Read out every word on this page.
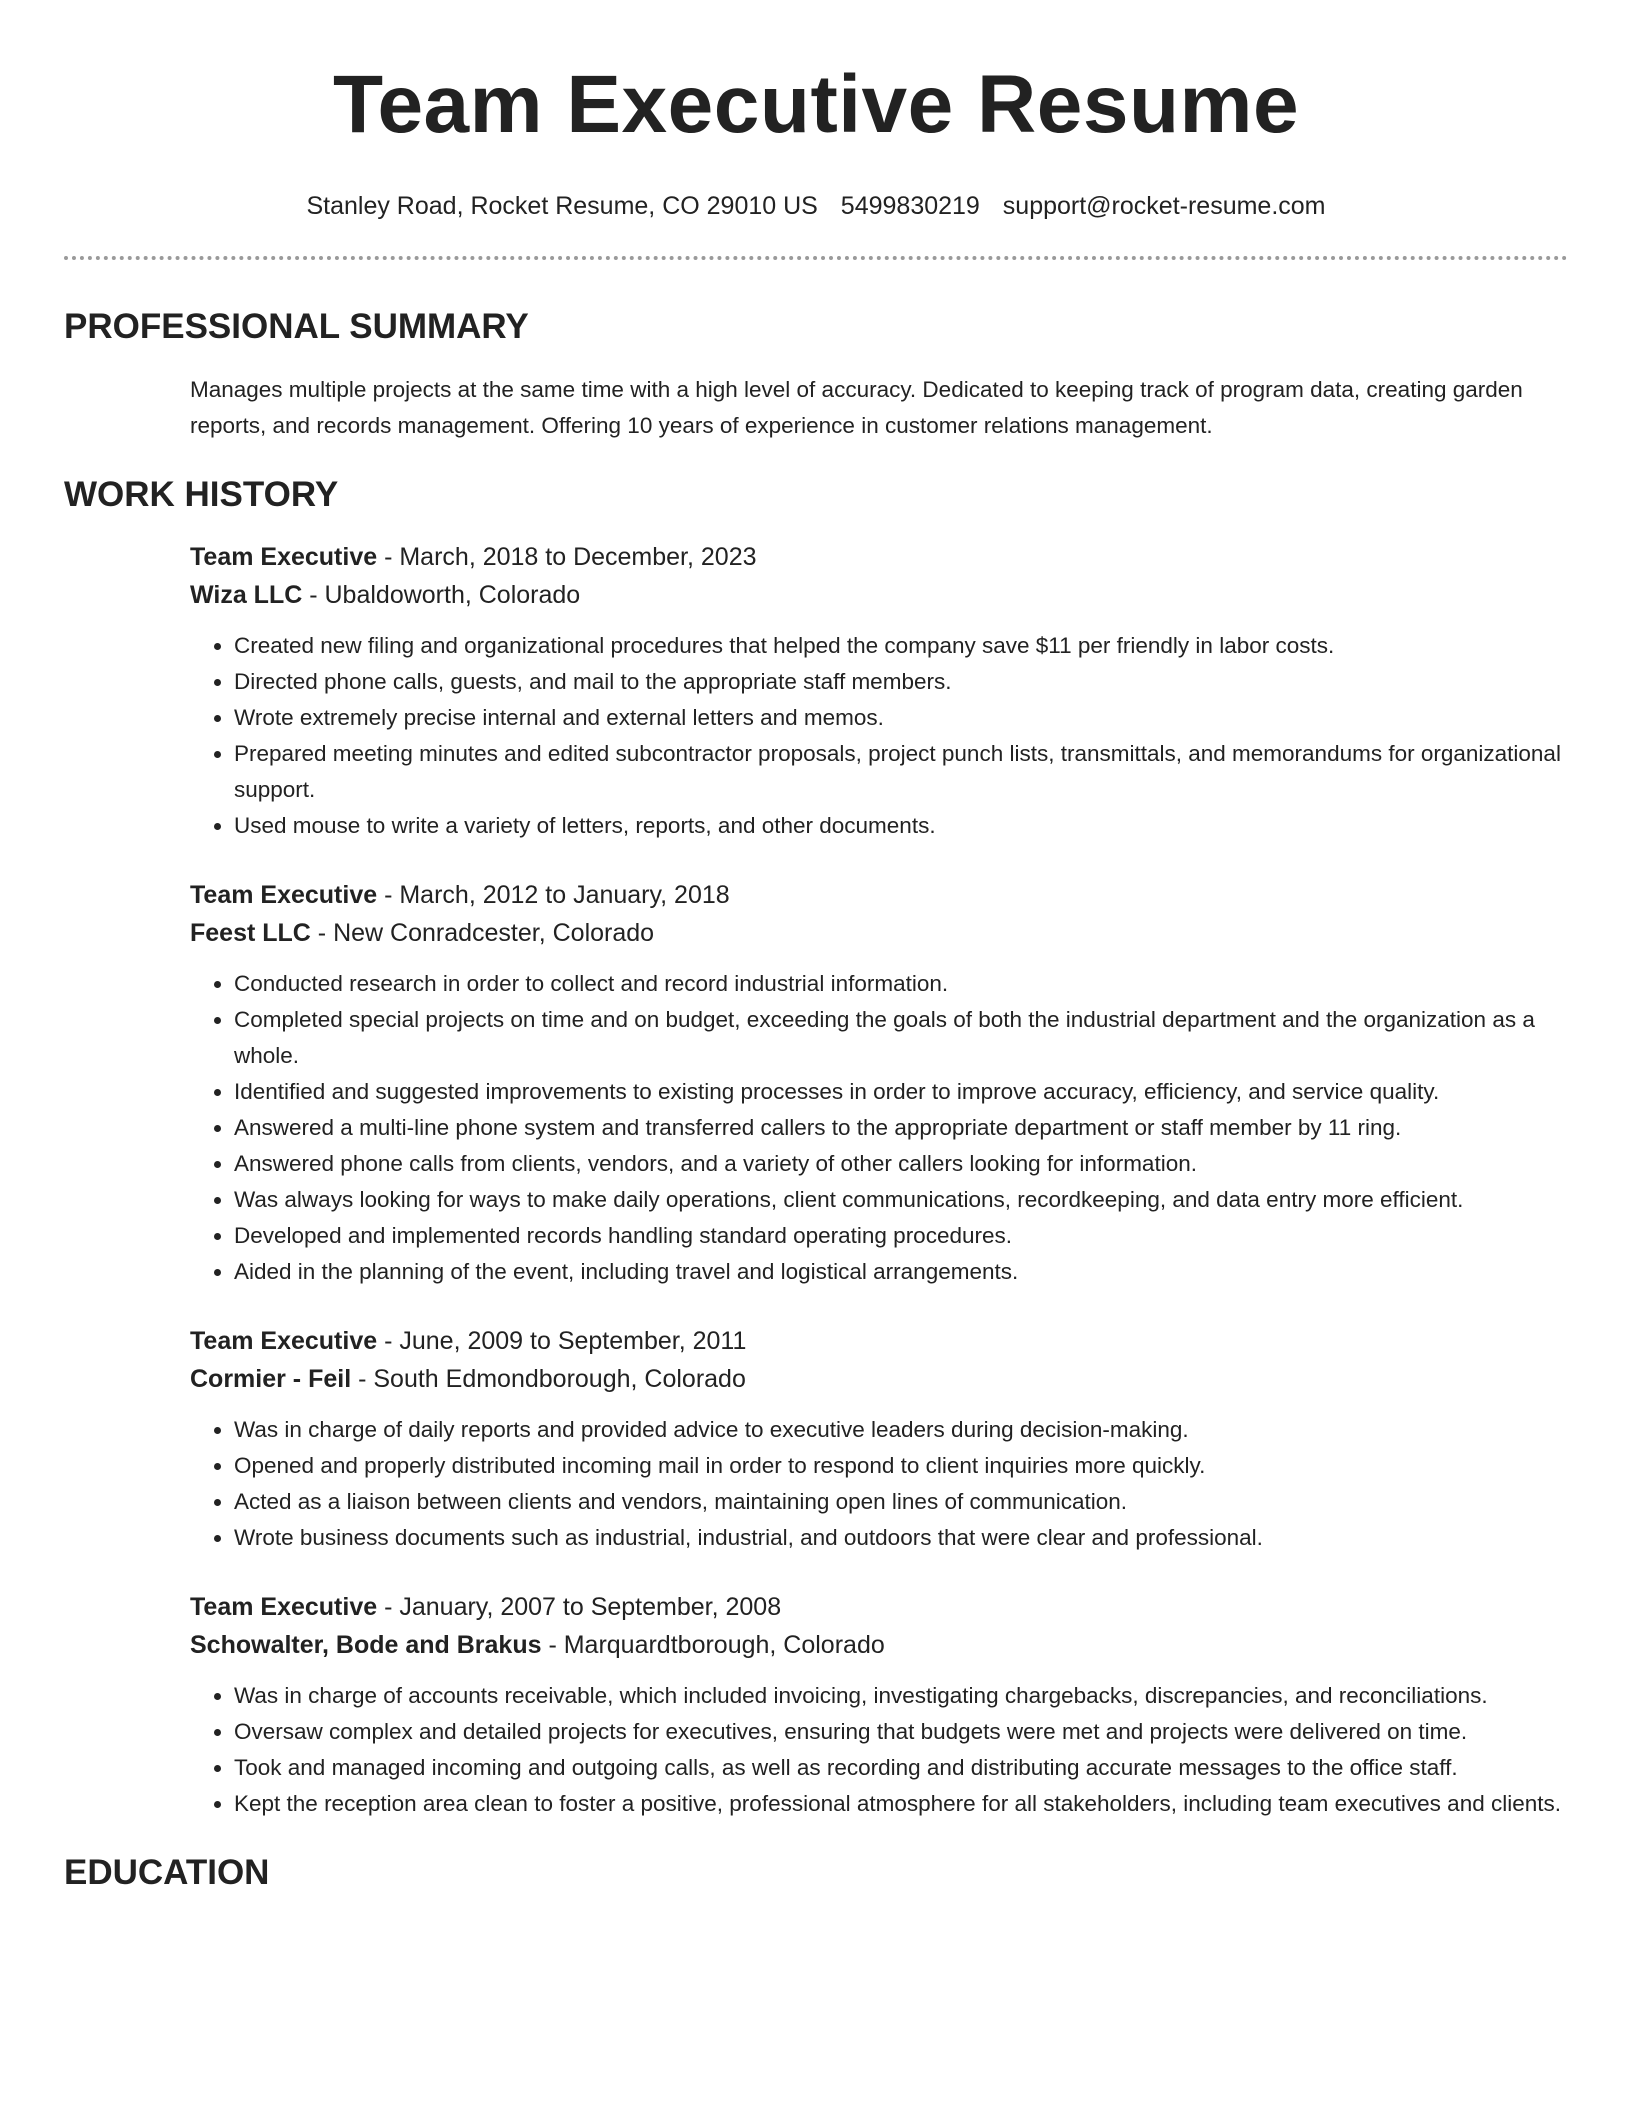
Team Executive Resume
Stanley Road, Rocket Resume, CO 29010 US 5499830219 support@rocket-resume.com
PROFESSIONAL SUMMARY
Manages multiple projects at the same time with a high level of accuracy. Dedicated to keeping track of program data, creating garden reports, and records management. Offering 10 years of experience in customer relations management.
WORK HISTORY
Team Executive - March, 2018 to December, 2023
Wiza LLC - Ubaldoworth, Colorado
• Created new filing and organizational procedures that helped the company save $11 per friendly in labor costs.
• Directed phone calls, guests, and mail to the appropriate staff members.
• Wrote extremely precise internal and external letters and memos.
• Prepared meeting minutes and edited subcontractor proposals, project punch lists, transmittals, and memorandums for organizational support.
• Used mouse to write a variety of letters, reports, and other documents.
Team Executive - March, 2012 to January, 2018
Feest LLC - New Conradcester, Colorado
• Conducted research in order to collect and record industrial information.
• Completed special projects on time and on budget, exceeding the goals of both the industrial department and the organization as a whole.
• Identified and suggested improvements to existing processes in order to improve accuracy, efficiency, and service quality.
• Answered a multi-line phone system and transferred callers to the appropriate department or staff member by 11 ring.
• Answered phone calls from clients, vendors, and a variety of other callers looking for information.
• Was always looking for ways to make daily operations, client communications, recordkeeping, and data entry more efficient.
• Developed and implemented records handling standard operating procedures.
• Aided in the planning of the event, including travel and logistical arrangements.
Team Executive - June, 2009 to September, 2011
Cormier - Feil - South Edmondborough, Colorado
• Was in charge of daily reports and provided advice to executive leaders during decision-making.
• Opened and properly distributed incoming mail in order to respond to client inquiries more quickly.
• Acted as a liaison between clients and vendors, maintaining open lines of communication.
• Wrote business documents such as industrial, industrial, and outdoors that were clear and professional.
Team Executive - January, 2007 to September, 2008
Schowalter, Bode and Brakus - Marquardtborough, Colorado
• Was in charge of accounts receivable, which included invoicing, investigating chargebacks, discrepancies, and reconciliations.
• Oversaw complex and detailed projects for executives, ensuring that budgets were met and projects were delivered on time.
• Took and managed incoming and outgoing calls, as well as recording and distributing accurate messages to the office staff.
• Kept the reception area clean to foster a positive, professional atmosphere for all stakeholders, including team executives and clients.
EDUCATION
